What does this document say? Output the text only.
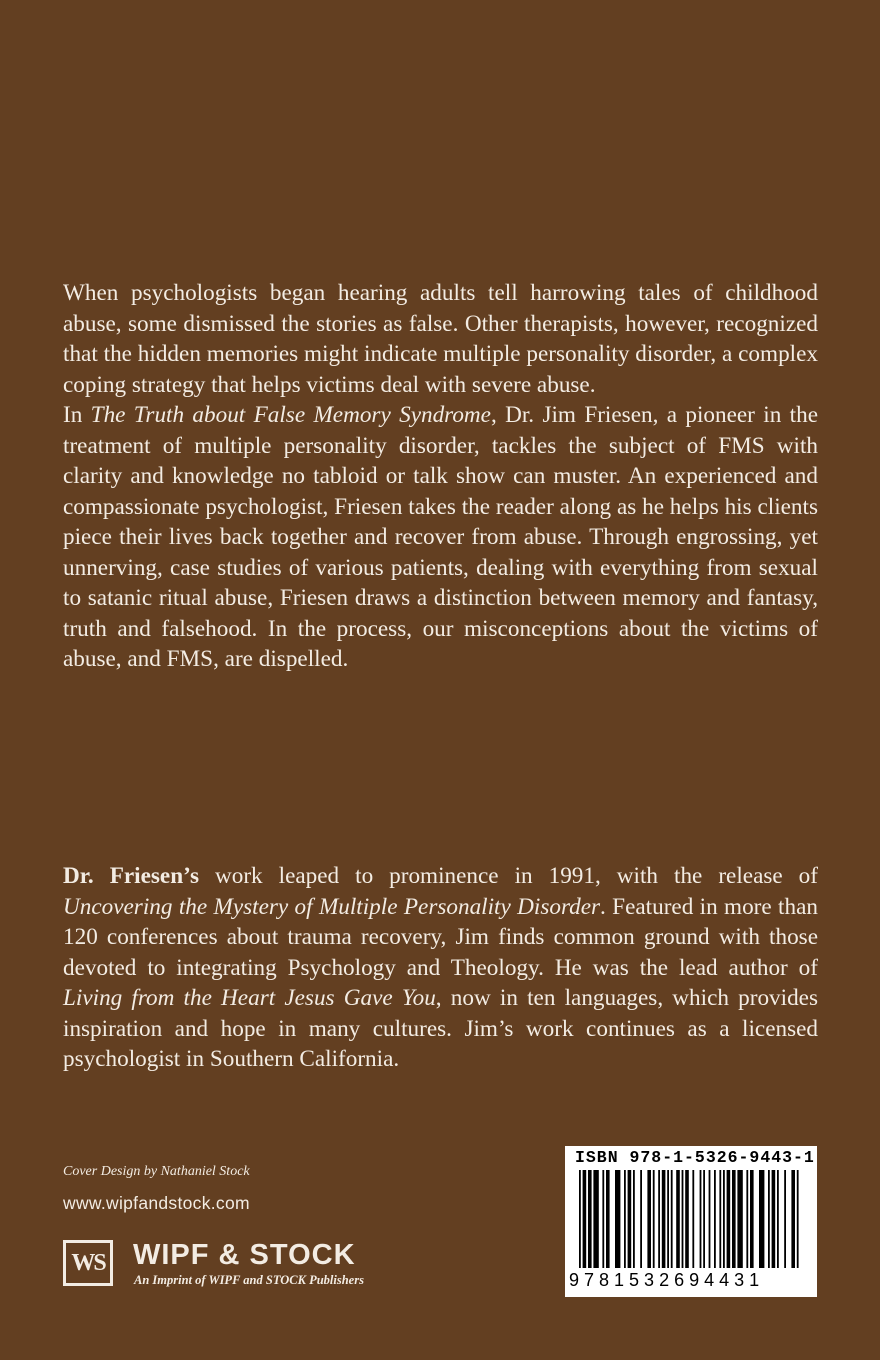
When psychologists began hearing adults tell harrowing tales of childhood abuse, some dismissed the stories as false. Other therapists, however, recognized that the hidden memories might indicate multiple personality disorder, a complex coping strategy that helps victims deal with severe abuse.

In The Truth about False Memory Syndrome, Dr. Jim Friesen, a pioneer in the treatment of multiple personality disorder, tackles the subject of FMS with clarity and knowledge no tabloid or talk show can muster. An experienced and compassionate psychologist, Friesen takes the reader along as he helps his clients piece their lives back together and recover from abuse. Through engrossing, yet unnerving, case studies of various patients, dealing with everything from sexual to satanic ritual abuse, Friesen draws a distinction between memory and fantasy, truth and falsehood. In the process, our misconceptions about the victims of abuse, and FMS, are dispelled.

Dr. Friesen’s work leaped to prominence in 1991, with the release of Uncovering the Mystery of Multiple Personality Disorder. Featured in more than 120 conferences about trauma recovery, Jim finds common ground with those devoted to integrating Psychology and Theology. He was the lead author of Living from the Heart Jesus Gave You, now in ten languages, which provides inspiration and hope in many cultures. Jim’s work continues as a licensed psychologist in Southern California.

Cover Design by Nathaniel Stock
www.wipfandstock.com
WS WIPF & STOCK
An Imprint of WIPF and STOCK Publishers
ISBN 978-1-5326-9443-1
9781532694431
